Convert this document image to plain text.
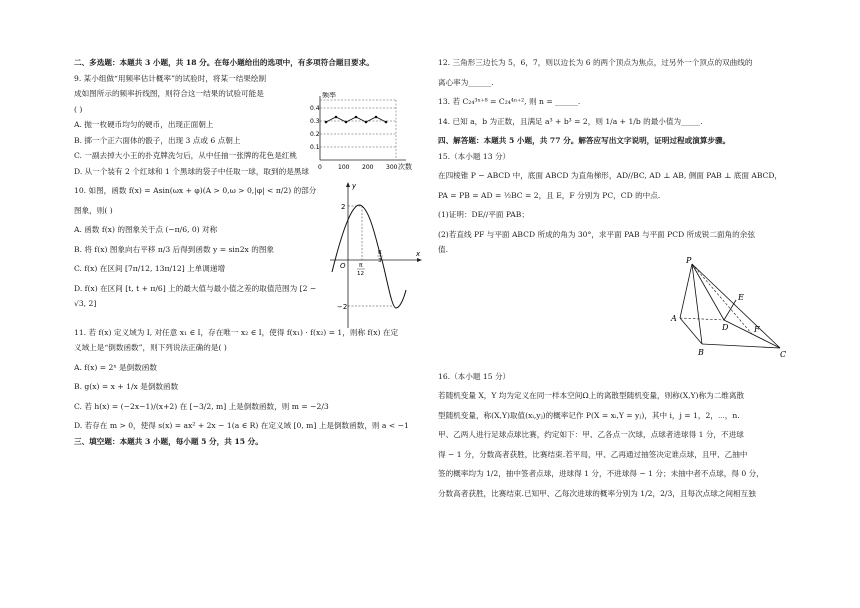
二、多选题：本题共 3 小题，共 18 分。在每小题给出的选项中，有多项符合题目要求。

9. 某小组做“用频率估计概率”的试验时，将某一结果绘制

成如图所示的频率折线图，则符合这一结果的试验可能是

( )

A. 抛一枚硬币均匀的硬币，出现正面朝上

B. 掷一个正六面体的骰子，出现 3 点或 6 点朝上

C. 一副去掉大小王的扑克牌洗匀后，从中任抽一张牌的花色是红桃

D. 从一个装有 2 个红球和 1 个黑球的袋子中任取一球，取到的是黑球

频率
0.4
0.3
0.2
0.1
0	100 200 300 次数

10. 如图，函数 f(x) = Asin(ωx + φ)(A > 0,ω > 0,|φ| < π/2) 的部分

图象，则( )

A. 函数 f(x) 的图象关于点 (−π/6, 0) 对称

B. 将 f(x) 图象向右平移 π/3 后得到函数 y = sin2x 的图象

C. f(x) 在区间 [7π/12, 13π/12] 上单调递增

D. f(x) 在区间 [t, t + π/6] 上的最大值与最小值之差的取值范围为 [2 −

√3, 2]

y
x
O
2
−2
π
12
π
3

11. 若 f(x) 定义域为 I, 对任意 x₁ ∈ I，存在唯一 x₂ ∈ I，使得 f(x₁) · f(x₂) = 1，则称 f(x) 在定

义域上是“倒数函数”，则下列说法正确的是( )

A. f(x) = 2ˣ 是倒数函数

B. g(x) = x + 1/x 是倒数函数

C. 若 h(x) = (−2x−1)/(x+2) 在 [−3/2, m] 上是倒数函数，则 m = −2/3

D. 若存在 m > 0，使得 s(x) = ax² + 2x − 1(a ∈ R) 在定义域 [0, m] 上是倒数函数，则 a < −1

三、填空题：本题共 3 小题，每小题 5 分，共 15 分。

12. 三角形三边长为 5，6，7，则以边长为 6 的两个顶点为焦点，过另外一个顶点的双曲线的

离心率为______.

13. 若 C₂₄³ˣ⁺⁸ = C₂₄⁴ⁿ⁺², 则 n = ______.

14. 已知 a，b 为正数，且满足 a³ + b³ = 2，则 1/a + 1/b 的最小值为_____.

四、解答题：本题共 5 小题，共 77 分。解答应写出文字说明，证明过程或演算步骤。

15.（本小题 13 分）

在四棱锥 P − ABCD 中，底面 ABCD 为直角梯形，AD//BC, AD ⊥ AB, 侧面 PAB ⊥ 底面 ABCD，

PA = PB = AD = ½BC = 2，且 E，F 分别为 PC，CD 的中点.

(1)证明：DE//平面 PAB；

(2)若直线 PF 与平面 ABCD 所成的角为 30°，求平面 PAB 与平面 PCD 所成锐二面角的余弦

值.

P
A
B	C
D
E
F

16.（本小题 15 分）

若随机变量 X，Y 均为定义在同一样本空间Ω上的离散型随机变量，则称(X,Y)称为二维离散

型随机变量，称(X,Y)取值(xᵢ,yⱼ)的概率记作 P(X = xᵢ,Y = yⱼ)，其中 i，j = 1，2，⋯，n.

甲、乙两人进行足球点球比赛，约定如下：甲、乙各点一次球，点球者进球得 1 分，不进球

得 − 1 分，分数高者获胜，比赛结束.若平局，甲、乙再通过抽签决定谁点球，且甲、乙抽中

签的概率均为 1/2，抽中签者点球，进球得 1 分，不进球得 − 1 分；未抽中者不点球，得 0 分，

分数高者获胜，比赛结束.已知甲、乙每次进球的概率分别为 1/2，2/3，且每次点球之间相互独
